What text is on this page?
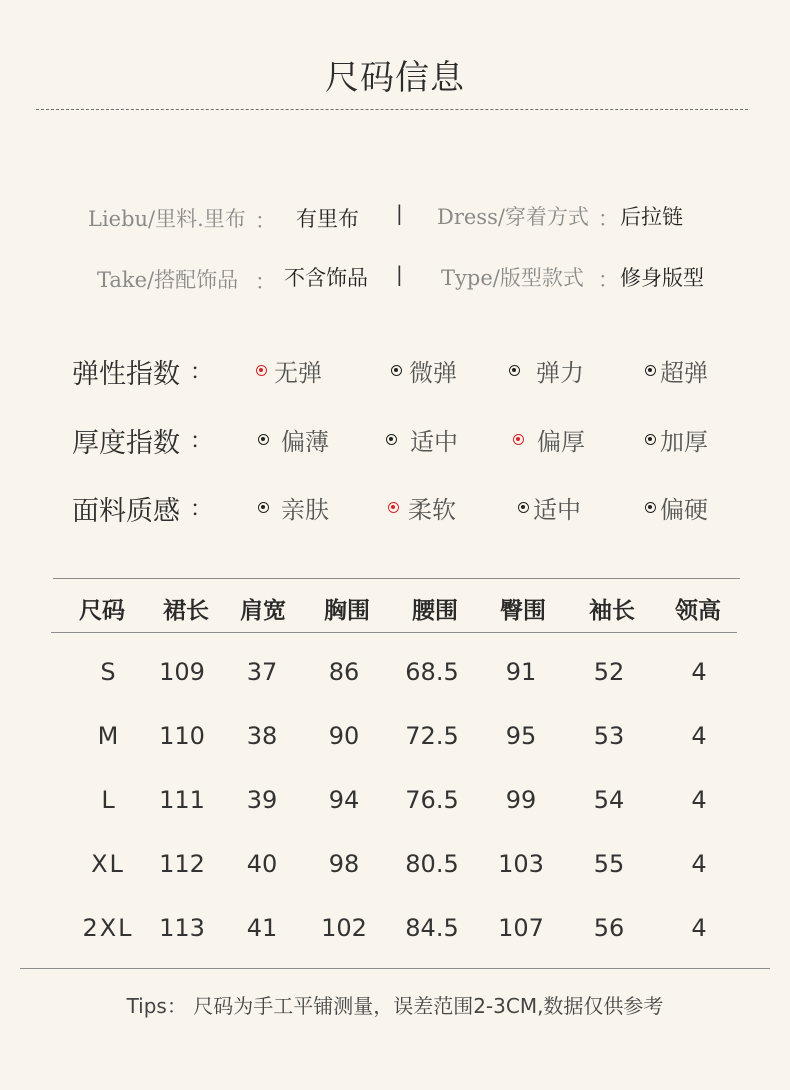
尺码信息
Liebu/里料.里布 ： 有里布 | Dress/穿着方式 ： 后拉链
Take/搭配饰品 ： 不含饰品 | Type/版型款式 ： 修身版型
弹性指数 ：	无弹	微弹	弹力	超弹
厚度指数 ：	偏薄	适中	偏厚	加厚
面料质感 ：	亲肤	柔软	适中	偏硬
尺码	裙长	肩宽	胸围	腰围	臀围	袖长	领高
S	109	37	86	68.5	91	52	4
M	110	38	90	72.5	95	53	4
L	111	39	94	76.5	99	54	4
XL	112	40	98	80.5	103	55	4
2XL	113	41	102	84.5	107	56	4
Tips： 尺码为手工平铺测量，误差范围2-3CM,数据仅供参考
